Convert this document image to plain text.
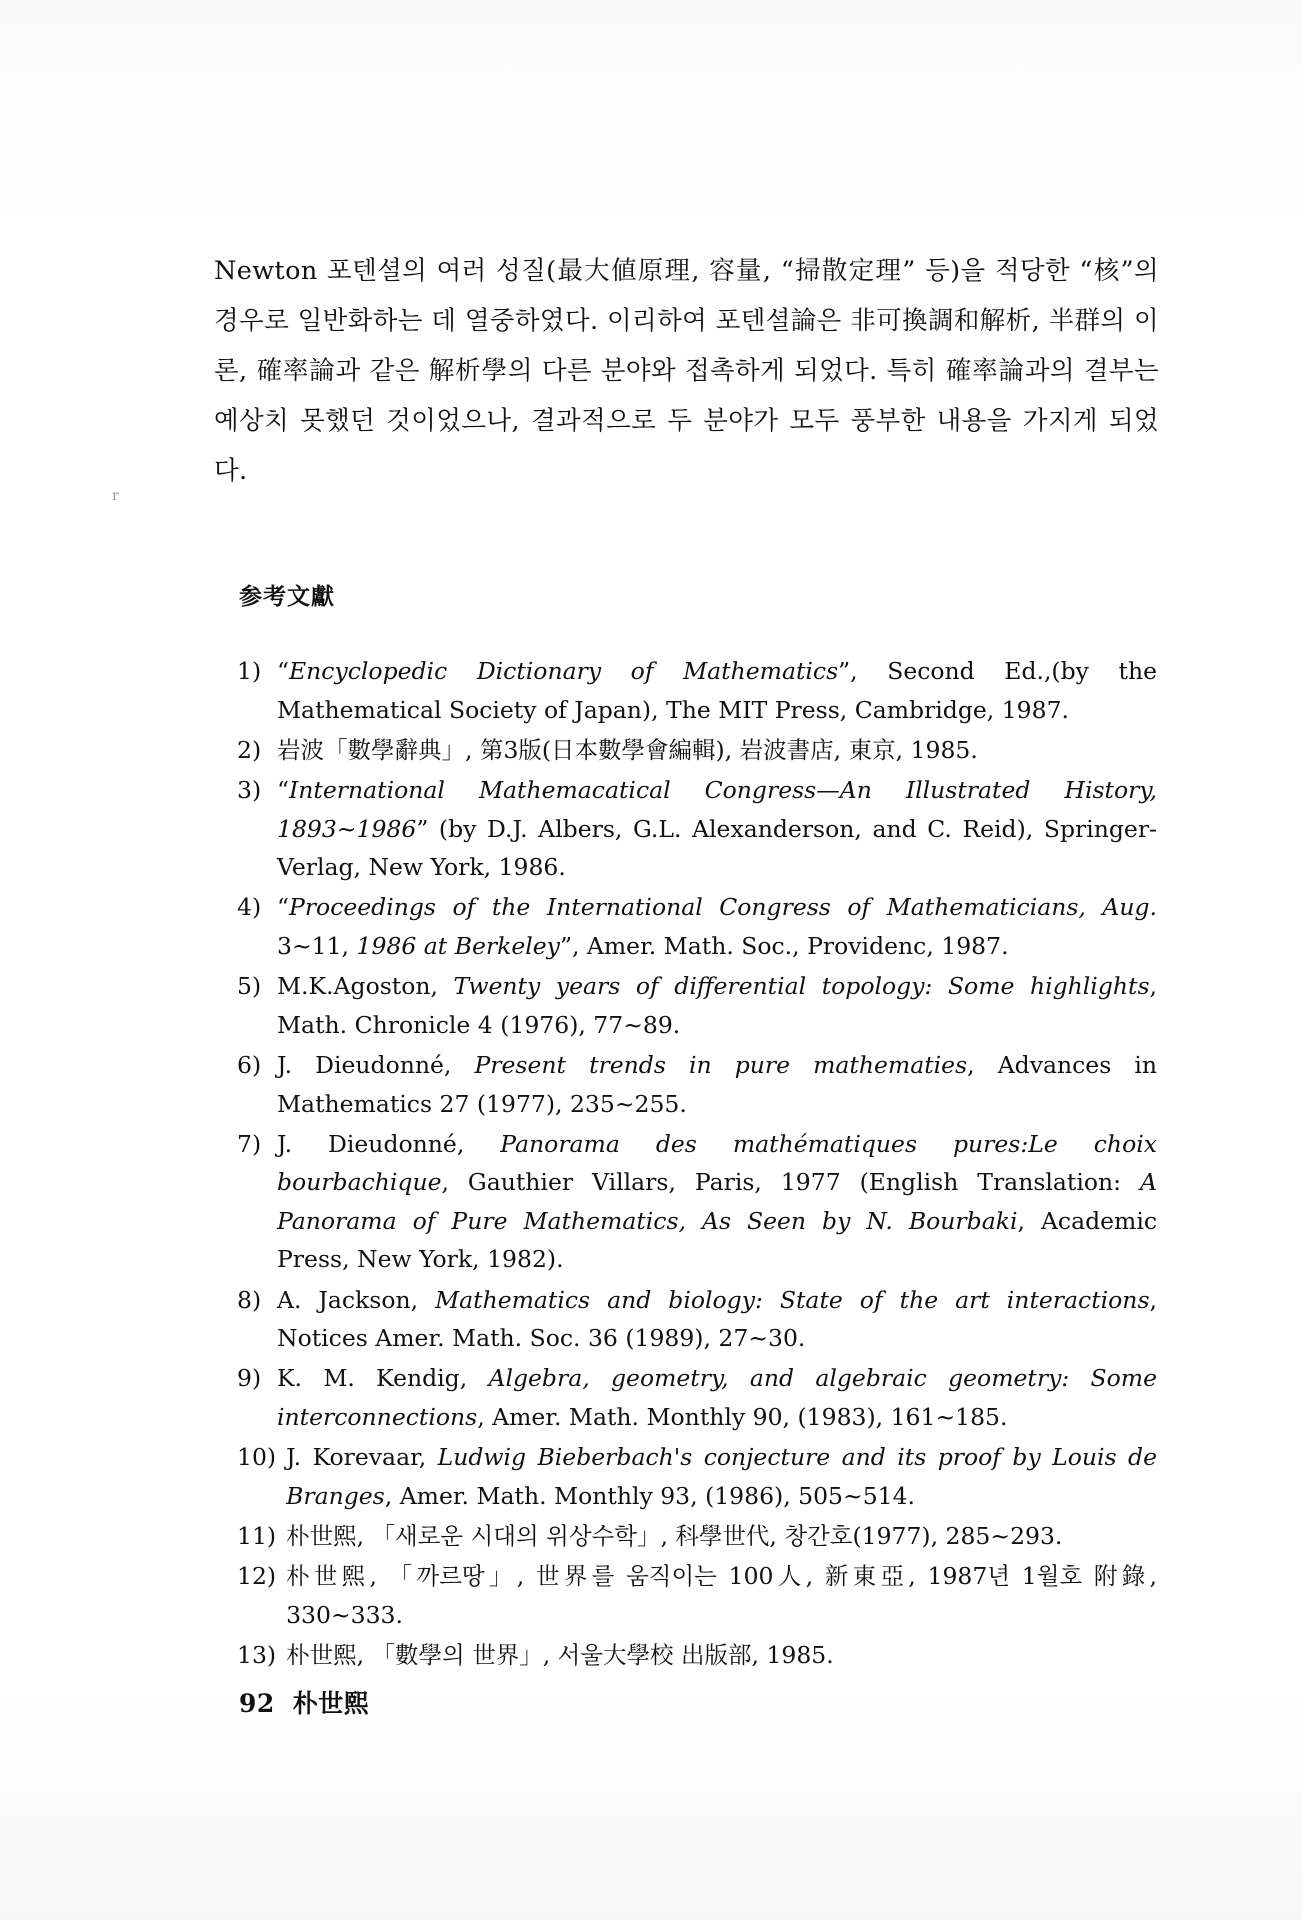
Newton 포텐셜의 여러 성질(最大値原理, 容量, “掃散定理” 등)을 적당한 “核”의 경우로 일반화하는 데 열중하였다. 이리하여 포텐셜論은 非可換調和解析, 半群의 이론, 確率論과 같은 解析學의 다른 분야와 접촉하게 되었다. 특히 確率論과의 결부는 예상치 못했던 것이었으나, 결과적으로 두 분야가 모두 풍부한 내용을 가지게 되었다.

r
参考文獻
1) “Encyclopedic Dictionary of Mathematics”, Second Ed.,(by the Mathematical Society of Japan), The MIT Press, Cambridge, 1987.
2) 岩波「數學辭典」, 第3版(日本數學會編輯), 岩波書店, 東京, 1985.
3) “International Mathemacatical Congress—An Illustrated History, 1893~1986” (by D.J. Albers, G.L. Alexanderson, and C. Reid), Springer-Verlag, New York, 1986.
4) “Proceedings of the International Congress of Mathematicians, Aug. 3~11, 1986 at Berkeley”, Amer. Math. Soc., Providenc, 1987.
5) M.K.Agoston, Twenty years of differential topology: Some highlights, Math. Chronicle 4 (1976), 77~89.
6) J. Dieudonné, Present trends in pure mathematies, Advances in Mathematics 27 (1977), 235~255.
7) J. Dieudonné, Panorama des mathématiques pures:Le choix bourbachique, Gauthier Villars, Paris, 1977 (English Translation: A Panorama of Pure Mathematics, As Seen by N. Bourbaki, Academic Press, New York, 1982).
8) A. Jackson, Mathematics and biology: State of the art interactions, Notices Amer. Math. Soc. 36 (1989), 27~30.
9) K. M. Kendig, Algebra, geometry, and algebraic geometry: Some interconnections, Amer. Math. Monthly 90, (1983), 161~185.
10) J. Korevaar, Ludwig Bieberbach's conjecture and its proof by Louis de Branges, Amer. Math. Monthly 93, (1986), 505~514.
11) 朴世熙, 「새로운 시대의 위상수학」, 科學世代, 창간호(1977), 285~293.
12) 朴世熙, 「까르땅」, 世界를 움직이는 100人, 新東亞, 1987년 1월호 附錄, 330~333.
13) 朴世熙, 「數學의 世界」, 서울大學校 出版部, 1985.
92 朴世熙
